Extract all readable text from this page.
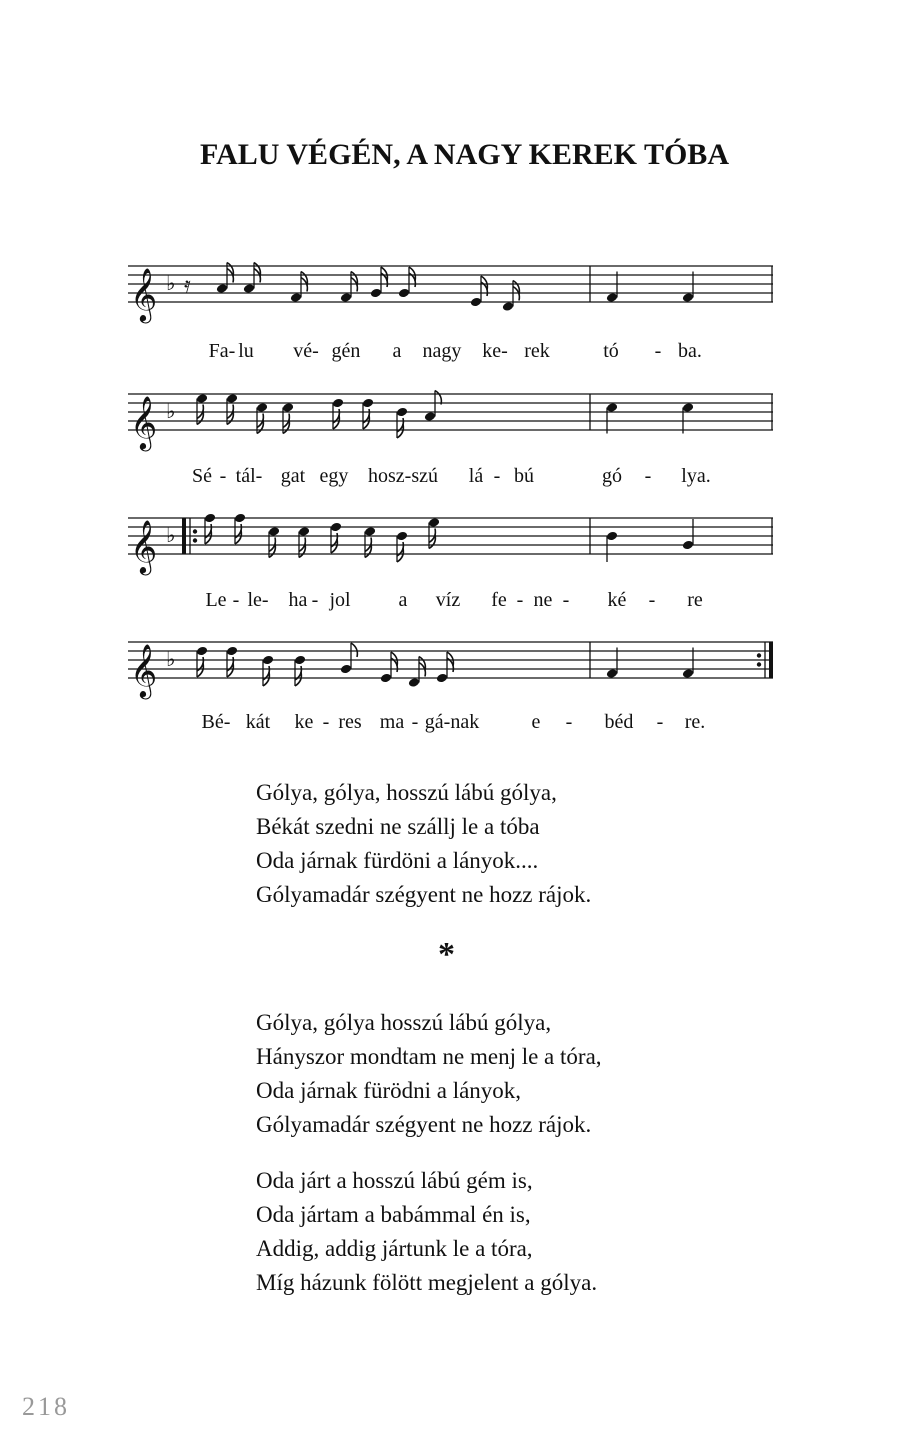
FALU VÉGÉN, A NAGY KEREK TÓBA
𝄞 ♭ 𝄿
Fa- lu vé- gén a nagy ke- rek	tó - ba.
𝄞 ♭
Sé - tál- gat egy hosz-szú lá - bú	gó - lya.
𝄞 ♭
Le - le- ha - jol a víz fe - ne - ké - re
𝄞 ♭
Bé- kát ke - res ma - gá-nak	e - béd - re.
Gólya, gólya, hosszú lábú gólya,
Békát szedni ne szállj le a tóba
Oda járnak fürdöni a lányok....
Gólyamadár szégyent ne hozz rájok.
*
Gólya, gólya hosszú lábú gólya,
Hányszor mondtam ne menj le a tóra,
Oda járnak fürödni a lányok,
Gólyamadár szégyent ne hozz rájok.
Oda járt a hosszú lábú gém is,
Oda jártam a babámmal én is,
Addig, addig jártunk le a tóra,
Míg házunk fölött megjelent a gólya.
218
